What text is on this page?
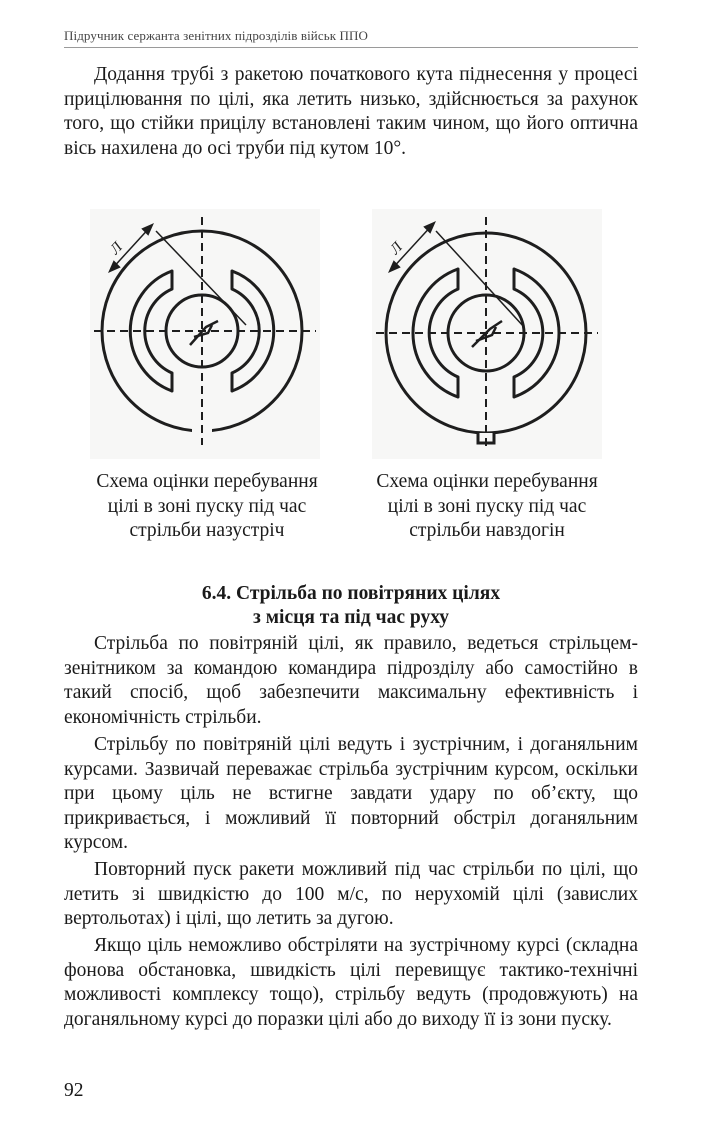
Підручник сержанта зенітних підрозділів військ ППО

Додання трубі з ракетою початкового кута піднесення у процесі прицілювання по цілі, яка летить низько, здійснюється за рахунок того, що стійки прицілу встановлені таким чином, що його оптична вісь нахилена до осі труби під кутом 10°.

Л	Л
Схема оцінки перебування
цілі в зоні пуску під час
стрільби назустріч
Схема оцінки перебування
цілі в зоні пуску під час
стрільби навздогін
6.4. Стрільба по повітряних цілях
з місця та під час руху

Стрільба по повітряній цілі, як правило, ведеться стрільцем-зенітником за командою командира підрозділу або самостійно в такий спосіб, щоб забезпечити максимальну ефективність і економічність стрільби.

Стрільбу по повітряній цілі ведуть і зустрічним, і доганяльним курсами. Зазвичай переважає стрільба зустрічним курсом, оскільки при цьому ціль не встигне завдати удару по об’єкту, що прикривається, і можливий її повторний обстріл доганяльним курсом.

Повторний пуск ракети можливий під час стрільби по цілі, що летить зі швидкістю до 100 м/с, по нерухомій цілі (завислих вертольотах) і цілі, що летить за дугою.

Якщо ціль неможливо обстріляти на зустрічному курсі (складна фонова обстановка, швидкість цілі перевищує тактико-технічні можливості комплексу тощо), стрільбу ведуть (продовжують) на доганяльному курсі до поразки цілі або до виходу її із зони пуску.

92
